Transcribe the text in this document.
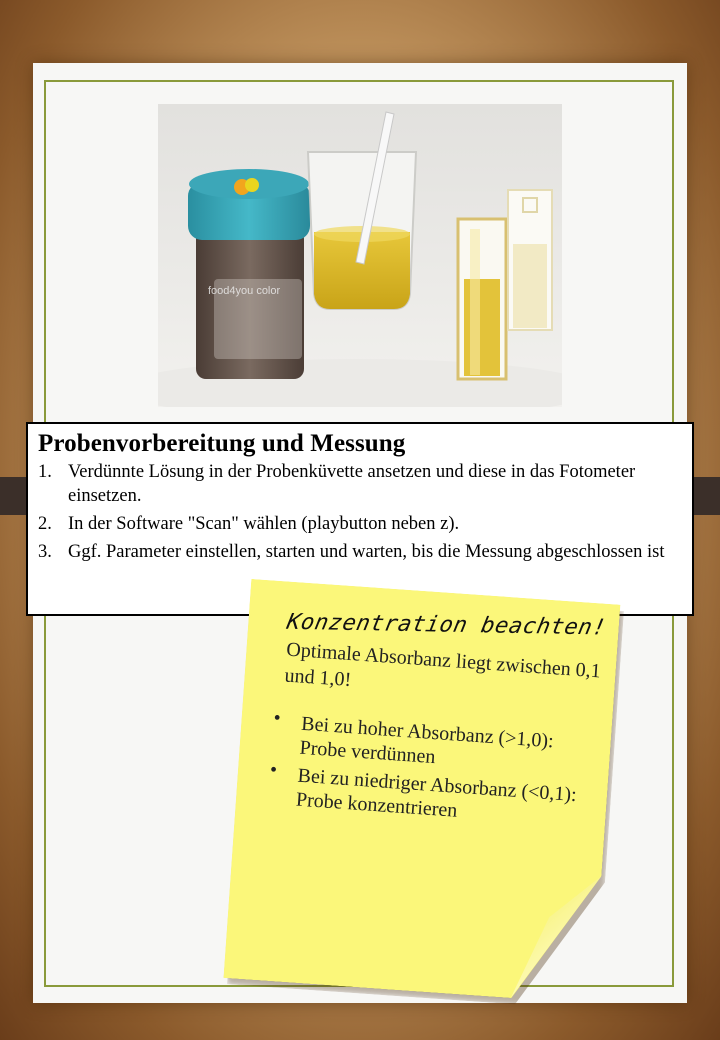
food4you color
Probenvorbereitung und Messung
1. Verdünnte Lösung in der Probenküvette ansetzen und diese in das Fotometer einsetzen.
2. In der Software "Scan" wählen (playbutton neben z).
3. Ggf. Parameter einstellen, starten und warten, bis die Messung abgeschlossen ist
Konzentration beachten!
Optimale Absorbanz liegt zwischen 0,1 und 1,0!
• Bei zu hoher Absorbanz (>1,0): Probe verdünnen
• Bei zu niedriger Absorbanz (<0,1): Probe konzentrieren
